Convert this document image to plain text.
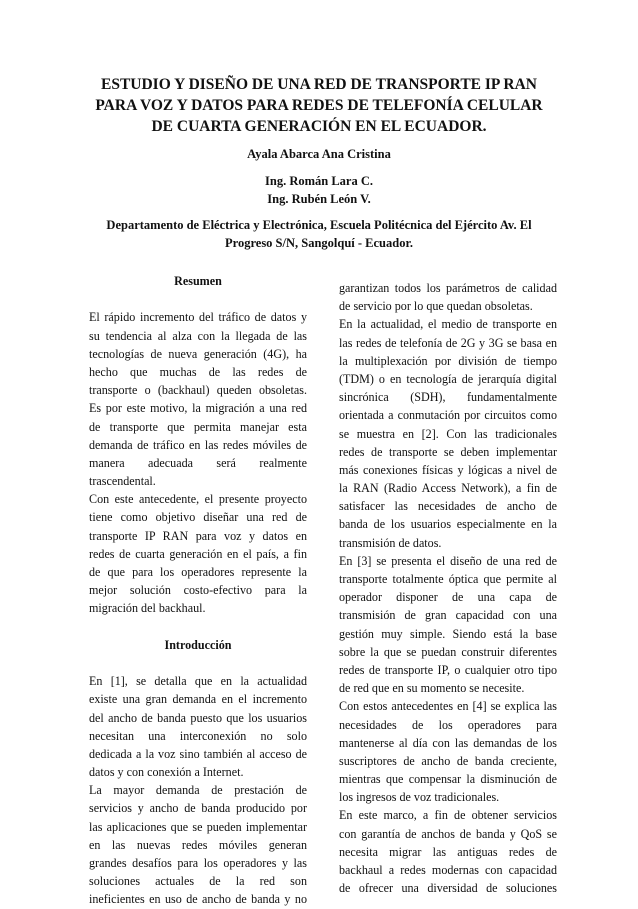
ESTUDIO Y DISEÑO DE UNA RED DE TRANSPORTE IP RAN
PARA VOZ Y DATOS PARA REDES DE TELEFONÍA CELULAR
DE CUARTA GENERACIÓN EN EL ECUADOR.
Ayala Abarca Ana Cristina
Ing. Román Lara C.
Ing. Rubén León V.
Departamento de Eléctrica y Electrónica, Escuela Politécnica del Ejército Av. El
Progreso S/N, Sangolquí - Ecuador.
Resumen
El rápido incremento del tráfico de datos y
su tendencia al alza con la llegada de las
tecnologías de nueva generación (4G), ha
hecho que muchas de las redes de
transporte o (backhaul) queden obsoletas.
Es por este motivo, la migración a una red
de transporte que permita manejar esta
demanda de tráfico en las redes móviles de
manera adecuada será realmente
trascendental.
Con este antecedente, el presente proyecto
tiene como objetivo diseñar una red de
transporte IP RAN para voz y datos en
redes de cuarta generación en el país, a fin
de que para los operadores represente la
mejor solución costo-efectivo para la
migración del backhaul.
Introducción
En [1], se detalla que en la actualidad
existe una gran demanda en el incremento
del ancho de banda puesto que los usuarios
necesitan una interconexión no solo
dedicada a la voz sino también al acceso de
datos y con conexión a Internet.
La mayor demanda de prestación de
servicios y ancho de banda producido por
las aplicaciones que se pueden implementar
en las nuevas redes móviles generan
grandes desafíos para los operadores y las
soluciones actuales de la red son
ineficientes en uso de ancho de banda y no
garantizan todos los parámetros de calidad
de servicio por lo que quedan obsoletas.
En la actualidad, el medio de transporte en
las redes de telefonía de 2G y 3G se basa en
la multiplexación por división de tiempo
(TDM) o en tecnología de jerarquía digital
sincrónica (SDH), fundamentalmente
orientada a conmutación por circuitos como
se muestra en [2]. Con las tradicionales
redes de transporte se deben implementar
más conexiones físicas y lógicas a nivel de
la RAN (Radio Access Network), a fin de
satisfacer las necesidades de ancho de
banda de los usuarios especialmente en la
transmisión de datos.
En [3] se presenta el diseño de una red de
transporte totalmente óptica que permite al
operador disponer de una capa de
transmisión de gran capacidad con una
gestión muy simple. Siendo está la base
sobre la que se puedan construir diferentes
redes de transporte IP, o cualquier otro tipo
de red que en su momento se necesite.
Con estos antecedentes en [4] se explica las
necesidades de los operadores para
mantenerse al día con las demandas de los
suscriptores de ancho de banda creciente,
mientras que compensar la disminución de
los ingresos de voz tradicionales.
En este marco, a fin de obtener servicios
con garantía de anchos de banda y QoS se
necesita migrar las antiguas redes de
backhaul a redes modernas con capacidad
de ofrecer una diversidad de soluciones
